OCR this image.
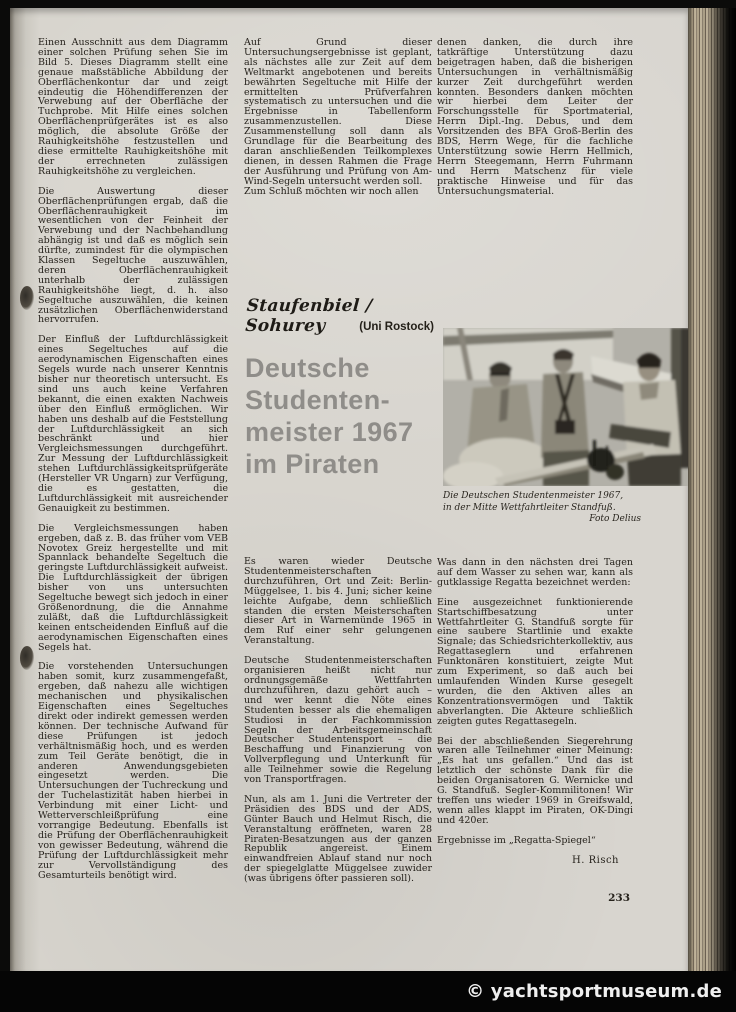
Einen Ausschnitt aus dem Diagramm einer solchen Prüfung sehen Sie im Bild 5. Dieses Diagramm stellt eine genaue maßstäbliche Abbildung der Oberflächenkontur dar und zeigt eindeutig die Höhendifferenzen der Verwebung auf der Oberfläche der Tuchprobe. Mit Hilfe eines solchen Oberflächenprüfgerätes ist es also möglich, die absolute Größe der Rauhigkeitshöhe festzustellen und diese ermittelte Rauhigkeitshöhe mit der errechneten zulässigen Rauhigkeitshöhe zu vergleichen.

Die Auswertung dieser Oberflächenprüfungen ergab, daß die Oberflächenrauhigkeit im wesentlichen von der Feinheit der Verwebung und der Nachbehandlung abhängig ist und daß es möglich sein dürfte, zumindest für die olympischen Klassen Segeltuche auszuwählen, deren Oberflächenrauhigkeit unterhalb der zulässigen Rauhigkeitshöhe liegt, d. h. also Segeltuche auszuwählen, die keinen zusätzlichen Oberflächenwiderstand hervorrufen.

Der Einfluß der Luftdurchlässigkeit eines Segeltuches auf die aerodynamischen Eigenschaften eines Segels wurde nach unserer Kenntnis bisher nur theoretisch untersucht. Es sind uns auch keine Verfahren bekannt, die einen exakten Nachweis über den Einfluß ermöglichen. Wir haben uns deshalb auf die Feststellung der Luftdurchlässigkeit an sich beschränkt und hier Vergleichsmessungen durchgeführt. Zur Messung der Luftdurchlässigkeit stehen Luftdurchlässigkeitsprüfgeräte (Hersteller VR Ungarn) zur Verfügung, die es gestatten, die Luftdurchlässigkeit mit ausreichender Genauigkeit zu bestimmen.

Die Vergleichsmessungen haben ergeben, daß z. B. das früher vom VEB Novotex Greiz hergestellte und mit Spannlack behandelte Segeltuch die geringste Luftdurchlässigkeit aufweist. Die Luftdurchlässigkeit der übrigen bisher von uns untersuchten Segeltuche bewegt sich jedoch in einer Größenordnung, die die Annahme zuläßt, daß die Luftdurchlässigkeit keinen entscheidenden Einfluß auf die aerodynamischen Eigenschaften eines Segels hat.

Die vorstehenden Untersuchungen haben somit, kurz zusammengefaßt, ergeben, daß nahezu alle wichtigen mechanischen und physikalischen Eigenschaften eines Segeltuches direkt oder indirekt gemessen werden können. Der technische Aufwand für diese Prüfungen ist jedoch verhältnismäßig hoch, und es werden zum Teil Geräte benötigt, die in anderen Anwendungsgebieten eingesetzt werden. Die Untersuchungen der Tuchreckung und der Tuchelastizität haben hierbei in Verbindung mit einer Licht- und Wetterverschleißprüfung eine vorrangige Bedeutung. Ebenfalls ist die Prüfung der Oberflächenrauhigkeit von gewisser Bedeutung, während die Prüfung der Luftdurchlässigkeit mehr zur Vervollständigung des Gesamturteils benötigt wird.

Auf Grund dieser Untersuchungsergebnisse ist geplant, als nächstes alle zur Zeit auf dem Weltmarkt angebotenen und bereits bewährten Segeltuche mit Hilfe der ermittelten Prüfverfahren systematisch zu untersuchen und die Ergebnisse in Tabellenform zusammenzustellen. Diese Zusammenstellung soll dann als Grundlage für die Bearbeitung des daran anschließenden Teilkomplexes dienen, in dessen Rahmen die Frage der Ausführung und Prüfung von Am-Wind-Segeln untersucht werden soll.

Zum Schluß möchten wir noch allen

denen danken, die durch ihre tatkräftige Unterstützung dazu beigetragen haben, daß die bisherigen Untersuchungen in verhältnismäßig kurzer Zeit durchgeführt werden konnten. Besonders danken möchten wir hierbei dem Leiter der Forschungsstelle für Sportmaterial, Herrn Dipl.-Ing. Debus, und dem Vorsitzenden des BFA Groß-Berlin des BDS, Herrn Wege, für die fachliche Unterstützung sowie Herrn Hellmich, Herrn Steegemann, Herrn Fuhrmann und Herrn Matschenz für viele praktische Hinweise und für das Untersuchungsmaterial.

Staufenbiel / Sohurey	(Uni Rostock)
Deutsche
Studenten-
meister 1967
im Piraten
Die Deutschen Studentenmeister 1967,
in der Mitte Wettfahrtleiter Standfuß.
Foto Delius

Es waren wieder Deutsche Studentenmeisterschaften durchzuführen, Ort und Zeit: Berlin-Müggelsee, 1. bis 4. Juni; sicher keine leichte Aufgabe, denn schließlich standen die ersten Meisterschaften dieser Art in Warnemünde 1965 in dem Ruf einer sehr gelungenen Veranstaltung.

Deutsche Studentenmeisterschaften organisieren heißt nicht nur ordnungsgemäße Wettfahrten durchzuführen, dazu gehört auch – und wer kennt die Nöte eines Studenten besser als die ehemaligen Studiosi in der Fachkommission Segeln der Arbeitsgemeinschaft Deutscher Studentensport – die Beschaffung und Finanzierung von Vollverpflegung und Unterkunft für alle Teilnehmer sowie die Regelung von Transportfragen.

Nun, als am 1. Juni die Vertreter der Präsidien des BDS und der ADS, Günter Bauch und Helmut Risch, die Veranstaltung eröffneten, waren 28 Piraten-Besatzungen aus der ganzen Republik angereist. Einem einwandfreien Ablauf stand nur noch der spiegelglatte Müggelsee zuwider (was übrigens öfter passieren soll).

Was dann in den nächsten drei Tagen auf dem Wasser zu sehen war, kann als gutklassige Regatta bezeichnet werden:

Eine ausgezeichnet funktionierende Startschiffbesatzung unter Wettfahrtleiter G. Standfuß sorgte für eine saubere Startlinie und exakte Signale; das Schiedsrichterkollektiv, aus Regattaseglern und erfahrenen Funktonären konstituiert, zeigte Mut zum Experiment, so daß auch bei umlaufenden Winden Kurse gesegelt wurden, die den Aktiven alles an Konzentrationsvermögen und Taktik abverlangten. Die Akteure schließlich zeigten gutes Regattasegeln.

Bei der abschließenden Siegerehrung waren alle Teilnehmer einer Meinung: „Es hat uns gefallen.“ Und das ist letztlich der schönste Dank für die beiden Organisatoren G. Wernicke und G. Standfuß. Segler-Kommilitonen! Wir treffen uns wieder 1969 in Greifswald, wenn alles klappt im Piraten, OK-Dingi und 420er.

Ergebnisse im „Regatta-Spiegel“

H. Risch

233
© yachtsportmuseum.de
